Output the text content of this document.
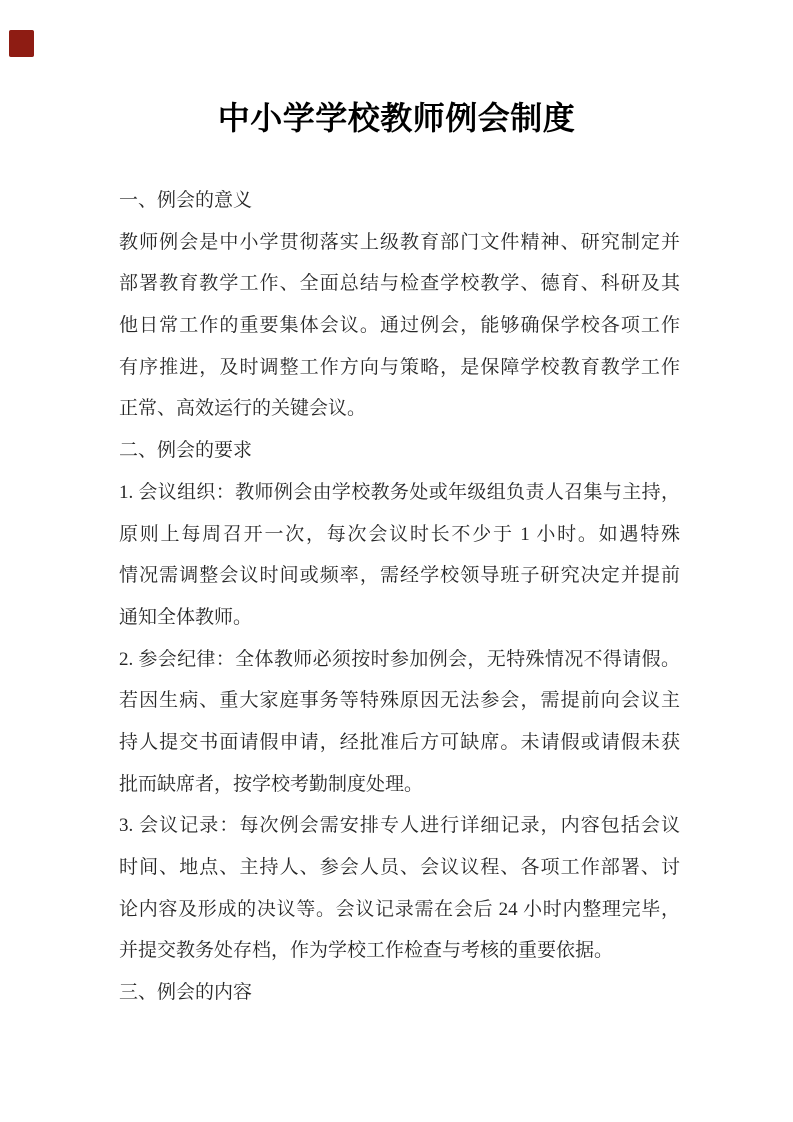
中小学学校教师例会制度

一、例会的意义

教师例会是中小学贯彻落实上级教育部门文件精神、研究制定并

部署教育教学工作、全面总结与检查学校教学、德育、科研及其

他日常工作的重要集体会议。通过例会，能够确保学校各项工作

有序推进，及时调整工作方向与策略，是保障学校教育教学工作

正常、高效运行的关键会议。

二、例会的要求

1. 会议组织：教师例会由学校教务处或年级组负责人召集与主持，

原则上每周召开一次，每次会议时长不少于 1 小时。如遇特殊

情况需调整会议时间或频率，需经学校领导班子研究决定并提前

通知全体教师。

2. 参会纪律：全体教师必须按时参加例会，无特殊情况不得请假。

若因生病、重大家庭事务等特殊原因无法参会，需提前向会议主

持人提交书面请假申请，经批准后方可缺席。未请假或请假未获

批而缺席者，按学校考勤制度处理。

3. 会议记录：每次例会需安排专人进行详细记录，内容包括会议

时间、地点、主持人、参会人员、会议议程、各项工作部署、讨

论内容及形成的决议等。会议记录需在会后 24 小时内整理完毕，

并提交教务处存档，作为学校工作检查与考核的重要依据。

三、例会的内容
